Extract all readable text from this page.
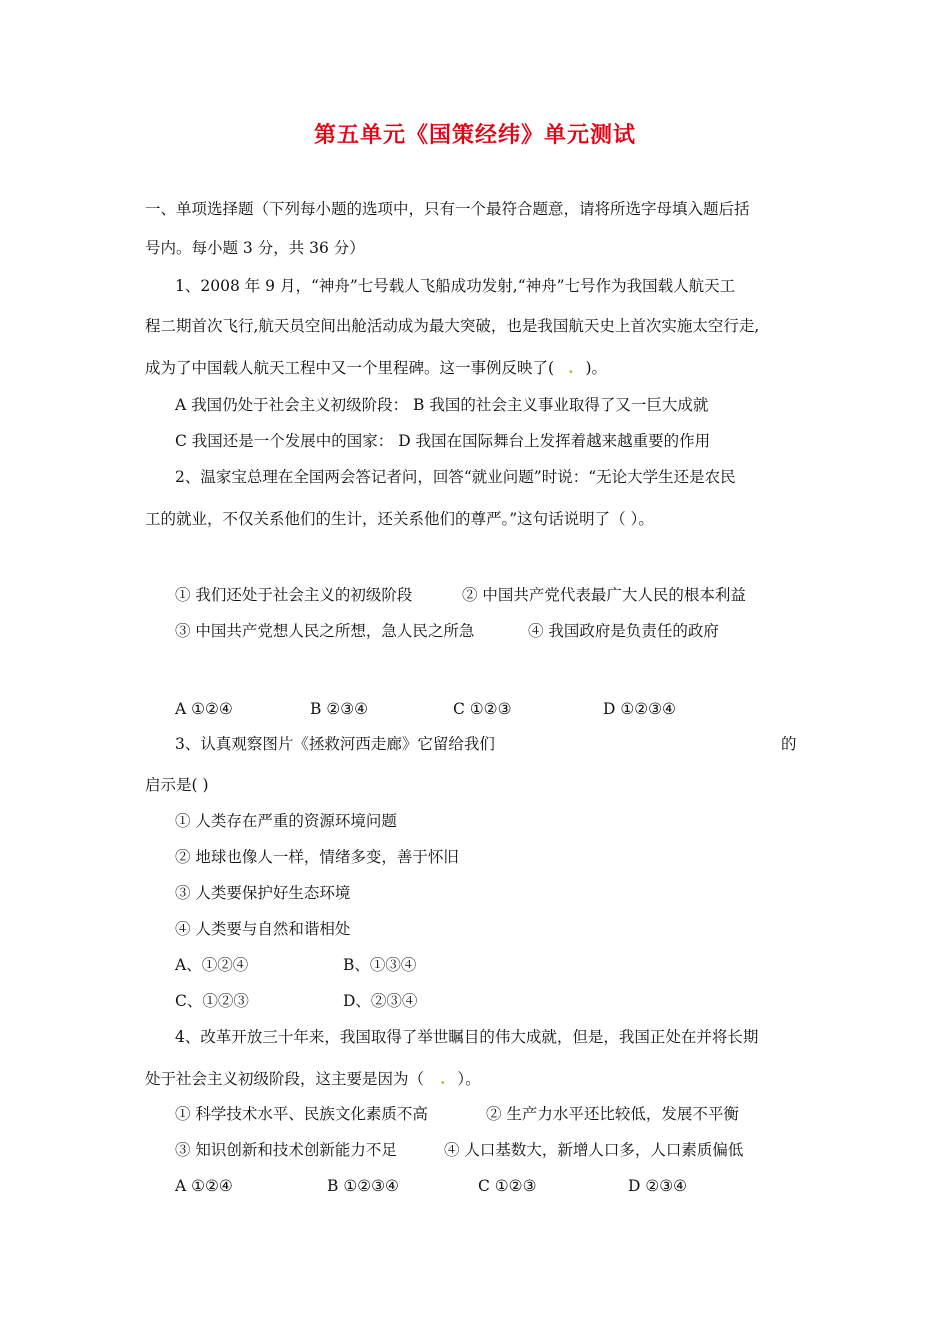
第五单元《国策经纬》单元测试
一、单项选择题（下列每小题的选项中，只有一个最符合题意，请将所选字母填入题后括
号内。每小题 3 分，共 36 分）
1、2008 年 9 月，“神舟”七号载人飞船成功发射,“神舟”七号作为我国载人航天工
程二期首次飞行,航天员空间出舱活动成为最大突破，也是我国航天史上首次实施太空行走,
成为了中国载人航天工程中又一个里程碑。这一事例反映了( . )。
A 我国仍处于社会主义初级阶段： B 我国的社会主义事业取得了又一巨大成就
C 我国还是一个发展中的国家： D 我国在国际舞台上发挥着越来越重要的作用
2、温家宝总理在全国两会答记者问，回答“就业问题”时说：“无论大学生还是农民
工的就业，不仅关系他们的生计，还关系他们的尊严。”这句话说明了（ ）。
① 我们还处于社会主义的初级阶段	② 中国共产党代表最广大人民的根本利益
③ 中国共产党想人民之所想，急人民之所急	④ 我国政府是负责任的政府
A ①②④	B ②③④	C ①②③	D ①②③④
3、认真观察图片《拯救河西走廊》它留给我们	的
启示是( )
① 人类存在严重的资源环境问题
② 地球也像人一样，情绪多变，善于怀旧
③ 人类要保护好生态环境
④ 人类要与自然和谐相处
A、①②④	B、①③④
C、①②③	D、②③④
4、改革开放三十年来，我国取得了举世瞩目的伟大成就，但是，我国正处在并将长期
处于社会主义初级阶段，这主要是因为（ . ）。
① 科学技术水平、民族文化素质不高	② 生产力水平还比较低，发展不平衡
③ 知识创新和技术创新能力不足	④ 人口基数大，新增人口多，人口素质偏低
A ①②④	B ①②③④	C ①②③	D ②③④
